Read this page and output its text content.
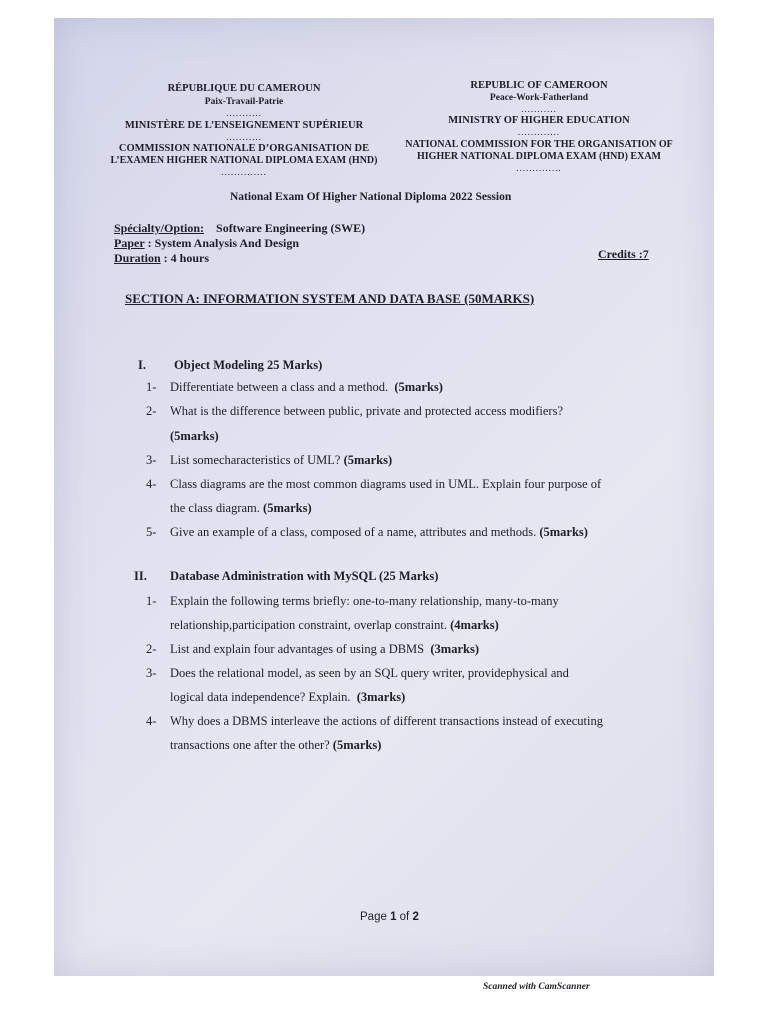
RÉPUBLIQUE DU CAMEROUN
Paix-Travail-Patrie
...........
MINISTÈRE DE L’ENSEIGNEMENT SUPÉRIEUR
...........
COMMISSION NATIONALE D’ORGANISATION DE
L’EXAMEN HIGHER NATIONAL DIPLOMA EXAM (HND)
..............
REPUBLIC OF CAMEROON
Peace-Work-Fatherland
...........
MINISTRY OF HIGHER EDUCATION
.............
NATIONAL COMMISSION FOR THE ORGANISATION OF
HIGHER NATIONAL DIPLOMA EXAM (HND) EXAM
..............
National Exam Of Higher National Diploma 2022 Session
Spécialty/Option: Software Engineering (SWE)
Paper : System Analysis And Design
Duration : 4 hours	Credits :7
SECTION A: INFORMATION SYSTEM AND DATA BASE (50MARKS)
I. Object Modeling 25 Marks)
1- Differentiate between a class and a method. (5marks)
2- What is the difference between public, private and protected access modifiers?
(5marks)
3- List somecharacteristics of UML? (5marks)
4- Class diagrams are the most common diagrams used in UML. Explain four purpose of
the class diagram. (5marks)
5- Give an example of a class, composed of a name, attributes and methods. (5marks)
II. Database Administration with MySQL (25 Marks)
1- Explain the following terms briefly: one-to-many relationship, many-to-many
relationship,participation constraint, overlap constraint. (4marks)
2- List and explain four advantages of using a DBMS (3marks)
3- Does the relational model, as seen by an SQL query writer, providephysical and
logical data independence? Explain. (3marks)
4- Why does a DBMS interleave the actions of different transactions instead of executing
transactions one after the other? (5marks)
Page 1 of 2
Scanned with CamScanner
